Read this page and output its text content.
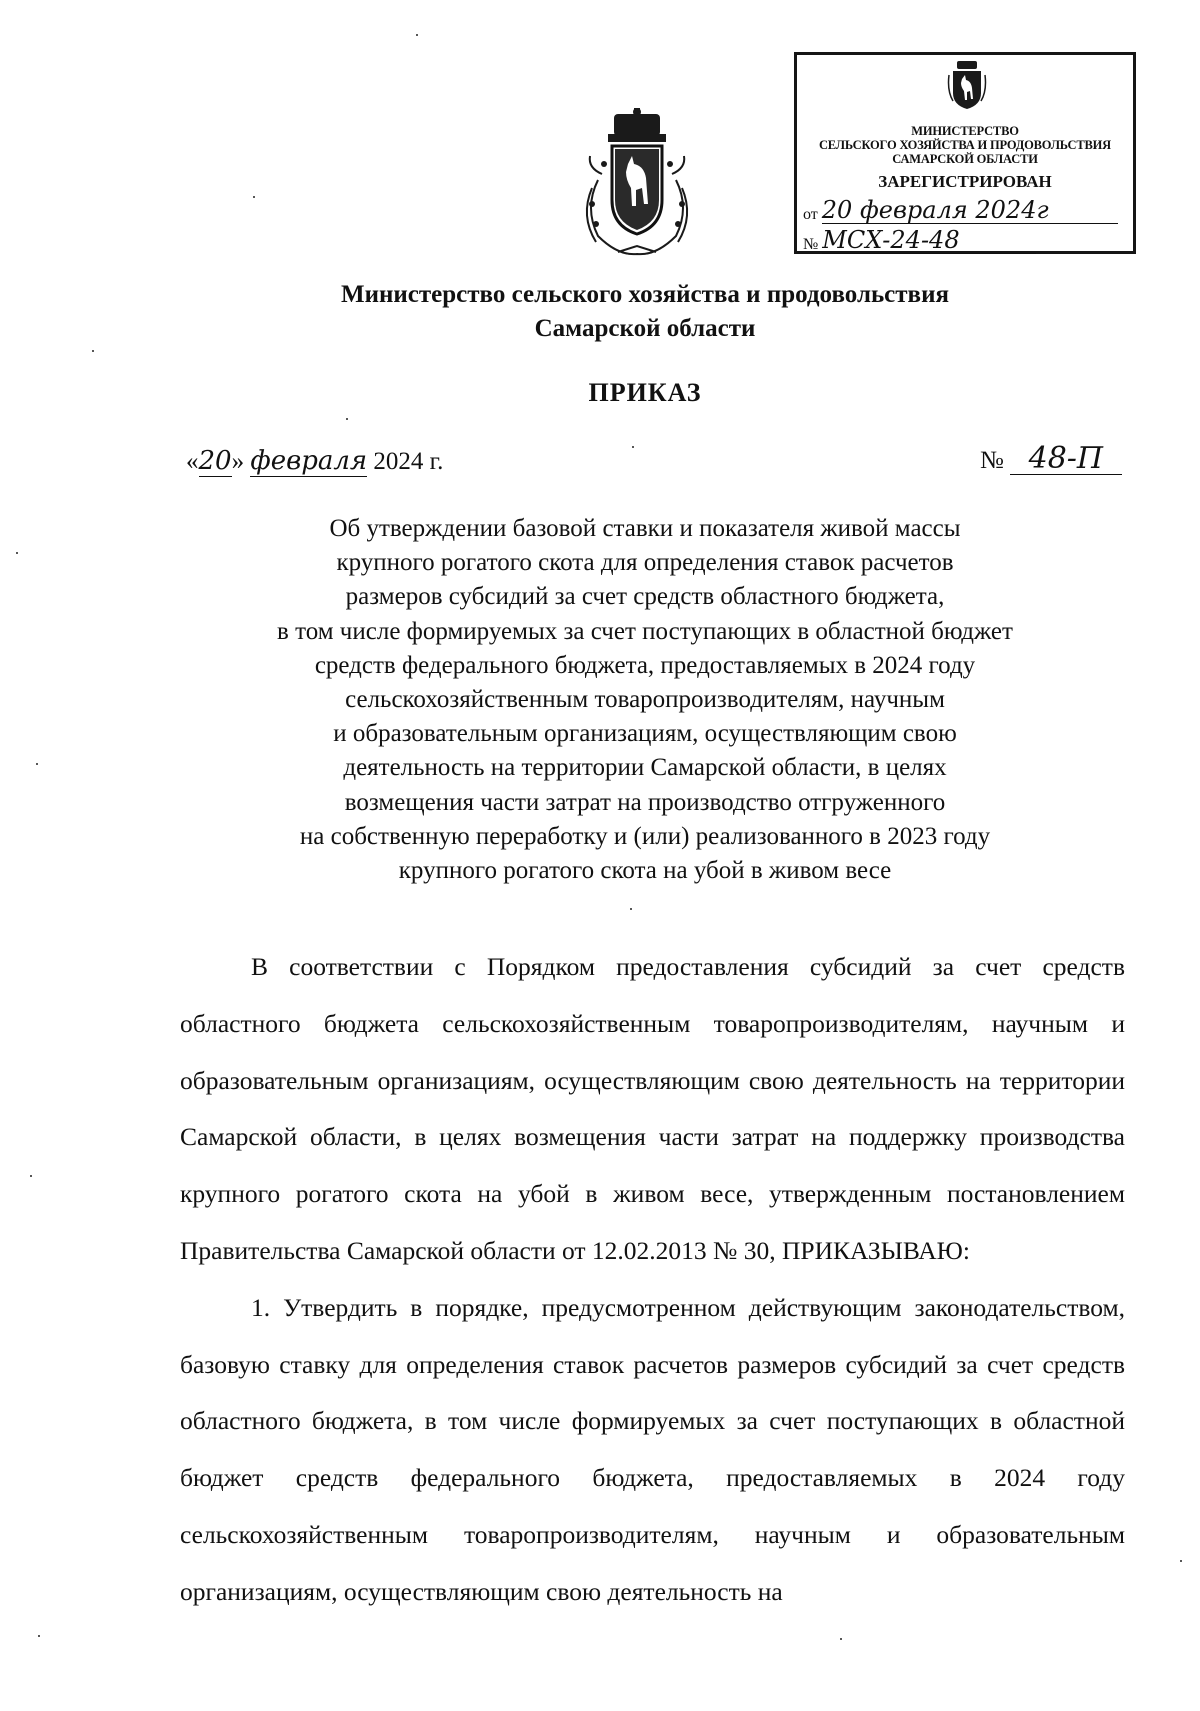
МИНИСТЕРСТВО
СЕЛЬСКОГО ХОЗЯЙСТВА И ПРОДОВОЛЬСТВИЯ
САМАРСКОЙ ОБЛАСТИ
ЗАРЕГИСТРИРОВАН
от 20 февраля 2024г
№ МСХ-24-48
Министерство сельского хозяйства и продовольствия
Самарской области
ПРИКАЗ
«20» февраля 2024 г.	№ 48-П
Об утверждении базовой ставки и показателя живой массы
крупного рогатого скота для определения ставок расчетов
размеров субсидий за счет средств областного бюджета,
в том числе формируемых за счет поступающих в областной бюджет
средств федерального бюджета, предоставляемых в 2024 году
сельскохозяйственным товаропроизводителям, научным
и образовательным организациям, осуществляющим свою
деятельность на территории Самарской области, в целях
возмещения части затрат на производство отгруженного
на собственную переработку и (или) реализованного в 2023 году
крупного рогатого скота на убой в живом весе

В соответствии с Порядком предоставления субсидий за счет средств областного бюджета сельскохозяйственным товаропроизводителям, научным и образовательным организациям, осуществляющим свою деятельность на территории Самарской области, в целях возмещения части затрат на поддержку производства крупного рогатого скота на убой в живом весе, утвержденным постановлением Правительства Самарской области от 12.02.2013 № 30, ПРИКАЗЫВАЮ:

1. Утвердить в порядке, предусмотренном действующим законодательством, базовую ставку для определения ставок расчетов размеров субсидий за счет средств областного бюджета, в том числе формируемых за счет поступающих в областной бюджет средств федерального бюджета, предоставляемых в 2024 году сельскохозяйственным товаропроизводителям, научным и образовательным организациям, осуществляющим свою деятельность на
